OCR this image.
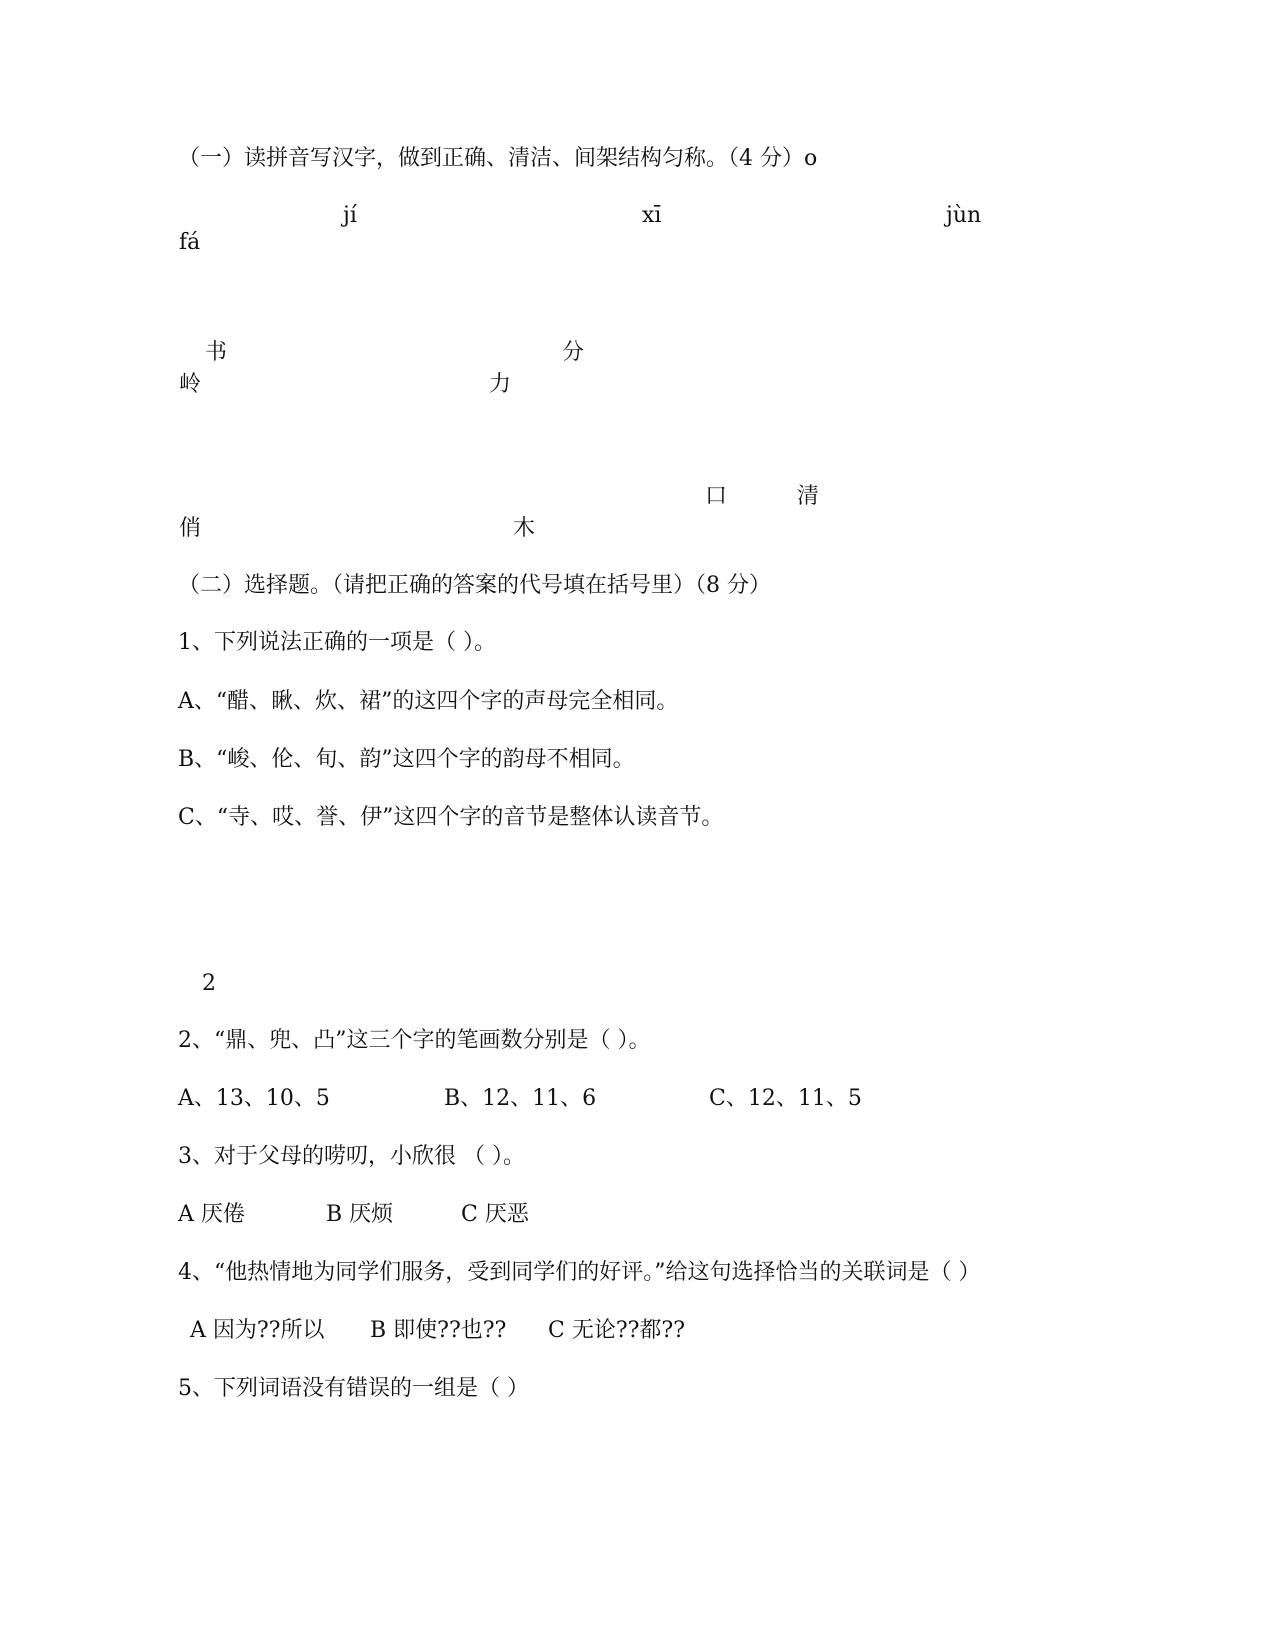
（一）读拼音写汉字，做到正确、清洁、间架结构匀称。（4 分）o
jí	xī	jùn
fá
书	分
岭	力
口	清
俏	木
（二）选择题。（请把正确的答案的代号填在括号里）（8 分）
1、下列说法正确的一项是（ ）。
A、“醋、瞅、炊、裙”的这四个字的声母完全相同。
B、“峻、伦、旬、韵”这四个字的韵母不相同。
C、“寺、哎、誉、伊”这四个字的音节是整体认读音节。
2
2、“鼎、兜、凸”这三个字的笔画数分别是（ ）。
A、13、10、5	B、12、11、6	C、12、11、5
3、对于父母的唠叨，小欣很 （ ）。
A 厌倦	B 厌烦	C 厌恶
4、“他热情地为同学们服务，受到同学们的好评。”给这句选择恰当的关联词是（ ）
A 因为??所以 B 即使??也?? C 无论??都??
5、下列词语没有错误的一组是（ ）
